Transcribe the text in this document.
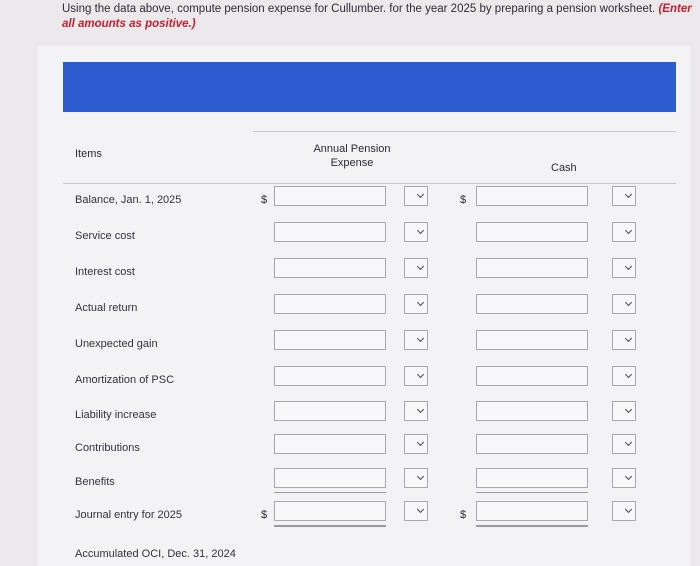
Using the data above, compute pension expense for Cullumber. for the year 2025 by preparing a pension worksheet. (Enter all amounts as positive.)
Items	Annual Pension Expense	Cash
Balance, Jan. 1, 2025	$	$
Service cost
Interest cost
Actual return
Unexpected gain
Amortization of PSC
Liability increase
Contributions
Benefits
Journal entry for 2025	$	$
Accumulated OCI, Dec. 31, 2024
